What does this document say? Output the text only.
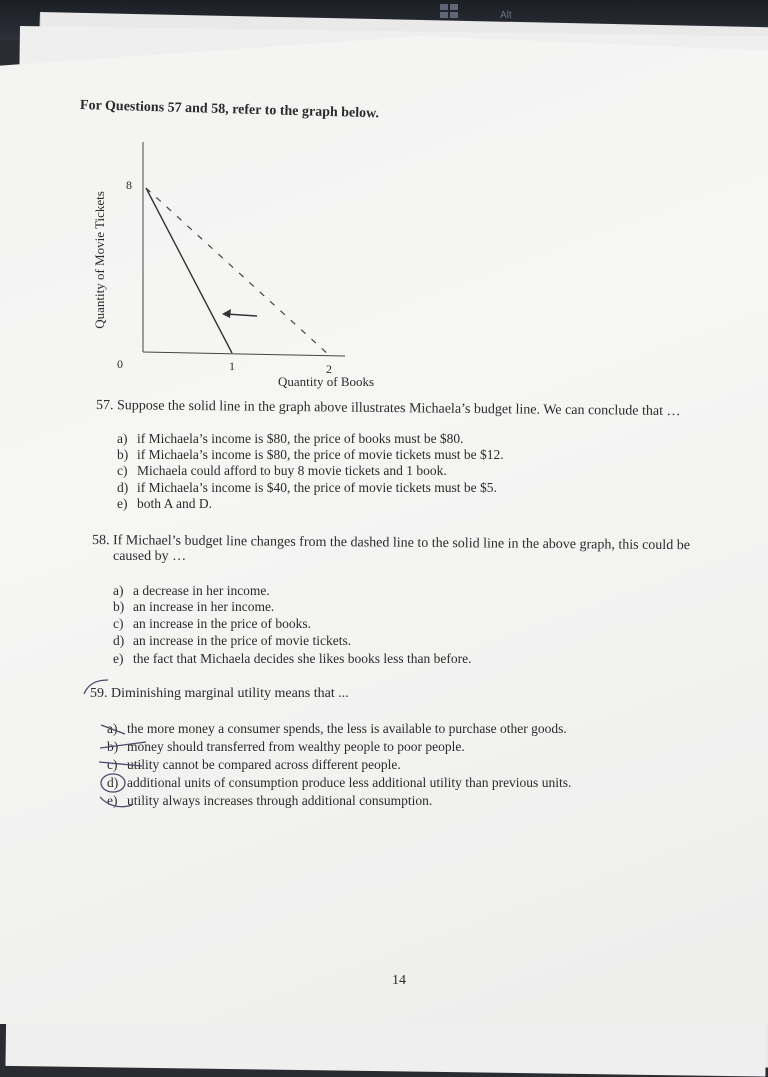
Alt
For Questions 57 and 58, refer to the graph below.
Quantity of Movie Tickets
8
0	1	2
Quantity of Books
57. Suppose the solid line in the graph above illustrates Michaela’s budget line. We can conclude that …
a) if Michaela’s income is $80, the price of books must be $80.
b) if Michaela’s income is $80, the price of movie tickets must be $12.
c) Michaela could afford to buy 8 movie tickets and 1 book.
d) if Michaela’s income is $40, the price of movie tickets must be $5.
e) both A and D.
58. If Michael’s budget line changes from the dashed line to the solid line in the above graph, this could be
caused by …
a) a decrease in her income.
b) an increase in her income.
c) an increase in the price of books.
d) an increase in the price of movie tickets.
e) the fact that Michaela decides she likes books less than before.
59. Diminishing marginal utility means that ...
a) the more money a consumer spends, the less is available to purchase other goods.
b) money should transferred from wealthy people to poor people.
c) utility cannot be compared across different people.
d) additional units of consumption produce less additional utility than previous units.
e) utility always increases through additional consumption.
14
